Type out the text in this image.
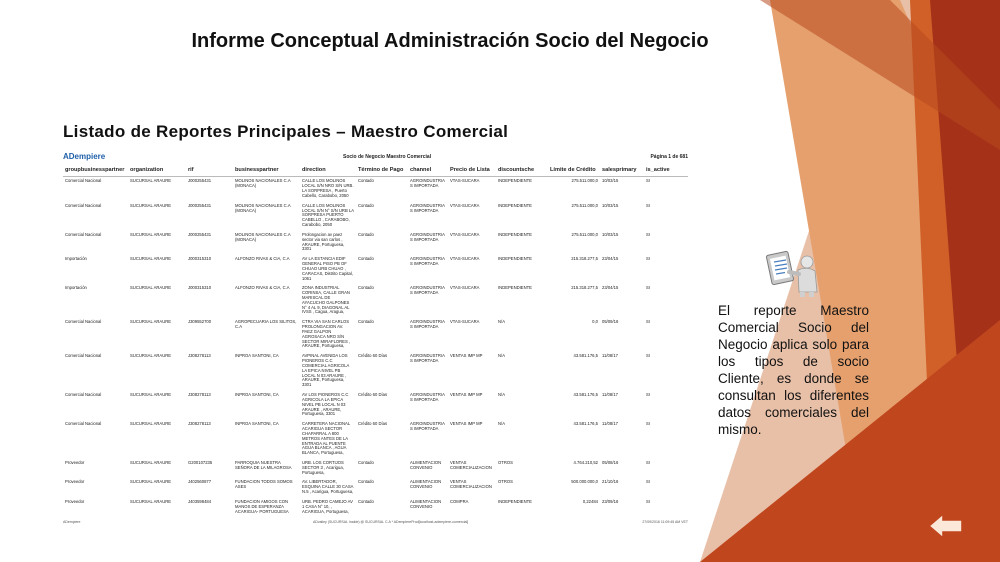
Informe Conceptual Administración Socio del Negocio
Listado de Reportes Principales – Maestro Comercial
ADempiere	Socio de Negocio Maestro Comercial	Página 1 de 681
groupbusinesspartner	organization	rif	businesspartner	direction	Término de Pago	channel	Precio de Lista	discountsche	Límite de Crédito	salesprimary	is_active
Comercial Nacional	SUCURSAL ARAURE	J000255431	MOLINOS NACIONALES C.A (MONACA)	CALLE LOS MOLINOS LOCAL S/N NRO S/N URB. LA SORPRESA , Puerto Cabello, Carabobo, 2050	Contado	AGROINDUSTRIAS IMPORTADA	VTAS-SUCARA	INDEPENDIENTE	275.511.000,0	10/03/15	SI
Comercial Nacional	SUCURSAL ARAURE	J000255431	MOLINOS NACIONALES C.A (MONACA)	CALLE LOS MOLINOS LOCAL S/N N° S/N URB LA SORPRESA PUERTO CABELLO , CARABOBO, Carabobo, 2050	Contado	AGROINDUSTRIAS IMPORTADA	VTAS-SUCARA	INDEPENDIENTE	275.511.000,0	10/03/15	SI
Comercial Nacional	SUCURSAL ARAURE	J000255431	MOLINOS NACIONALES C.A (MONACA)	Prolongacion av paez sector via san carlos , ARAURE, Portuguesa, 3301	Contado	AGROINDUSTRIAS IMPORTADA	VTAS-SUCARA	INDEPENDIENTE	275.511.000,0	10/03/15	SI
Importación	SUCURSAL ARAURE	J000315310	ALFONZO RIVAS & CIA, C.A	AV LA ESTANCIA EDIF GENERAL PISO PB OF CHUAO URB CHUAO , CARACAS, Distrito Capital, 1061	Contado	AGROINDUSTRIAS IMPORTADA	VTAS-SUCARA	INDEPENDIENTE	215.318.277,5	23/04/15	SI
Importación	SUCURSAL ARAURE	J000315310	ALFONZO RIVAS & CIA, C.A	ZONA INDUSTRIAL CORINSA, CALLE GRAN MARISCAL DE AYACUCHO GALPONES N° 4 AL 9, DIAGONAL AL IVSS , Cagua, Aragua,	Contado	AGROINDUSTRIAS IMPORTADA	VTAS-SUCARA	INDEPENDIENTE	215.318.277,5	23/04/15	SI
Comercial Nacional	SUCURSAL ARAURE	J309552700	AGROPECUARIA LOS SILITOS, C.A	CTRA VIA SAN CARLOS PROLONGACION AV. PAEZ GALPON AGROSACA NRO S/N SECTOR MIRAFLORES , ARAURE, Portuguesa,	Contado	AGROINDUSTRIAS IMPORTADA	VTAS-SUCARA	N/A	0,0	05/09/16	SI
Comercial Nacional	SUCURSAL ARAURE	J308278113	INPROA SANTONI, CA	AVPINAL AVENIDA LOS PIONEROS C.C COMERCIAL AGRICOLA LA EPICA NIVEL PB LOCAL N 03 ARAURE , ARAURE, Portuguesa, 3301	Crédito 60 Días	AGROINDUSTRIAS IMPORTADA	VENTAS IMP MP	N/A	43.581.176,5	11/08/17	SI
Comercial Nacional	SUCURSAL ARAURE	J308278113	INPROA SANTONI, CA	AV LOS PIONEROS C.C AGRICOLA LA EPICA NIVEL PB LOCAL N 03 ARAURE , ARAURE, Portuguesa, 3301	Crédito 60 Días	AGROINDUSTRIAS IMPORTADA	VENTAS IMP MP	N/A	43.581.176,5	11/08/17	SI
Comercial Nacional	SUCURSAL ARAURE	J308278113	INPROA SANTONI, CA	CARRETERA NACIONAL ACARIGUA SECTOR CHAPARRAL A 800 METROS ANTES DE LA ENTRADA AL PUENTE AGUA BLANCA , AGUA BLANCA, Portuguesa,	Crédito 60 Días	AGROINDUSTRIAS IMPORTADA	VENTAS IMP MP	N/A	43.581.176,5	11/08/17	SI
Proveedor	SUCURSAL ARAURE	G200107235	PARROQUIA NUESTRA SEÑORA DE LA MILAGROSA	URB. LOS CORTIJOS SECTOR 3 , Acarigua, Portuguesa,	Contado	ALIMENTACION CONVENIO	VENTAS COMERCIALIZACION	OTROS	4.764.210,52	05/08/16	SI
Proveedor	SUCURSAL ARAURE	J402560877	FUNDACION TODOS SOMOS ASES	AV. LIBERTADOR, ESQUINA CALLE 30 CASA N.5 , Acarigua, Portuguesa,	Contado	ALIMENTACION CONVENIO	VENTAS COMERCIALIZACION	OTROS	500.000.000,0	21/10/16	SI
Proveedor	SUCURSAL ARAURE	J403598484	FUNDACION AMIGOS CON MANOS DE ESPERANZA ACARIGUA- PORTUGUESA	URB. PEDRO CAMEJO AV 1 CASA N° 10, , ACARIGUA, Portuguesa,	Contado	ALIMENTACION CONVENIO	COMPRA	INDEPENDIENTE	0,22484	23/09/16	SI
ADempiere	ADvalley (SUCURSAL Inalde) @ SUCURSAL C.A * ADempiereProd[localhost-adempiere-comercial]	27/09/2016 11:09:45 AM VET
El reporte Maestro Comercial Socio del Negocio aplica solo para los tipos de socio Cliente, es donde se consultan los diferentes datos comerciales del mismo.
